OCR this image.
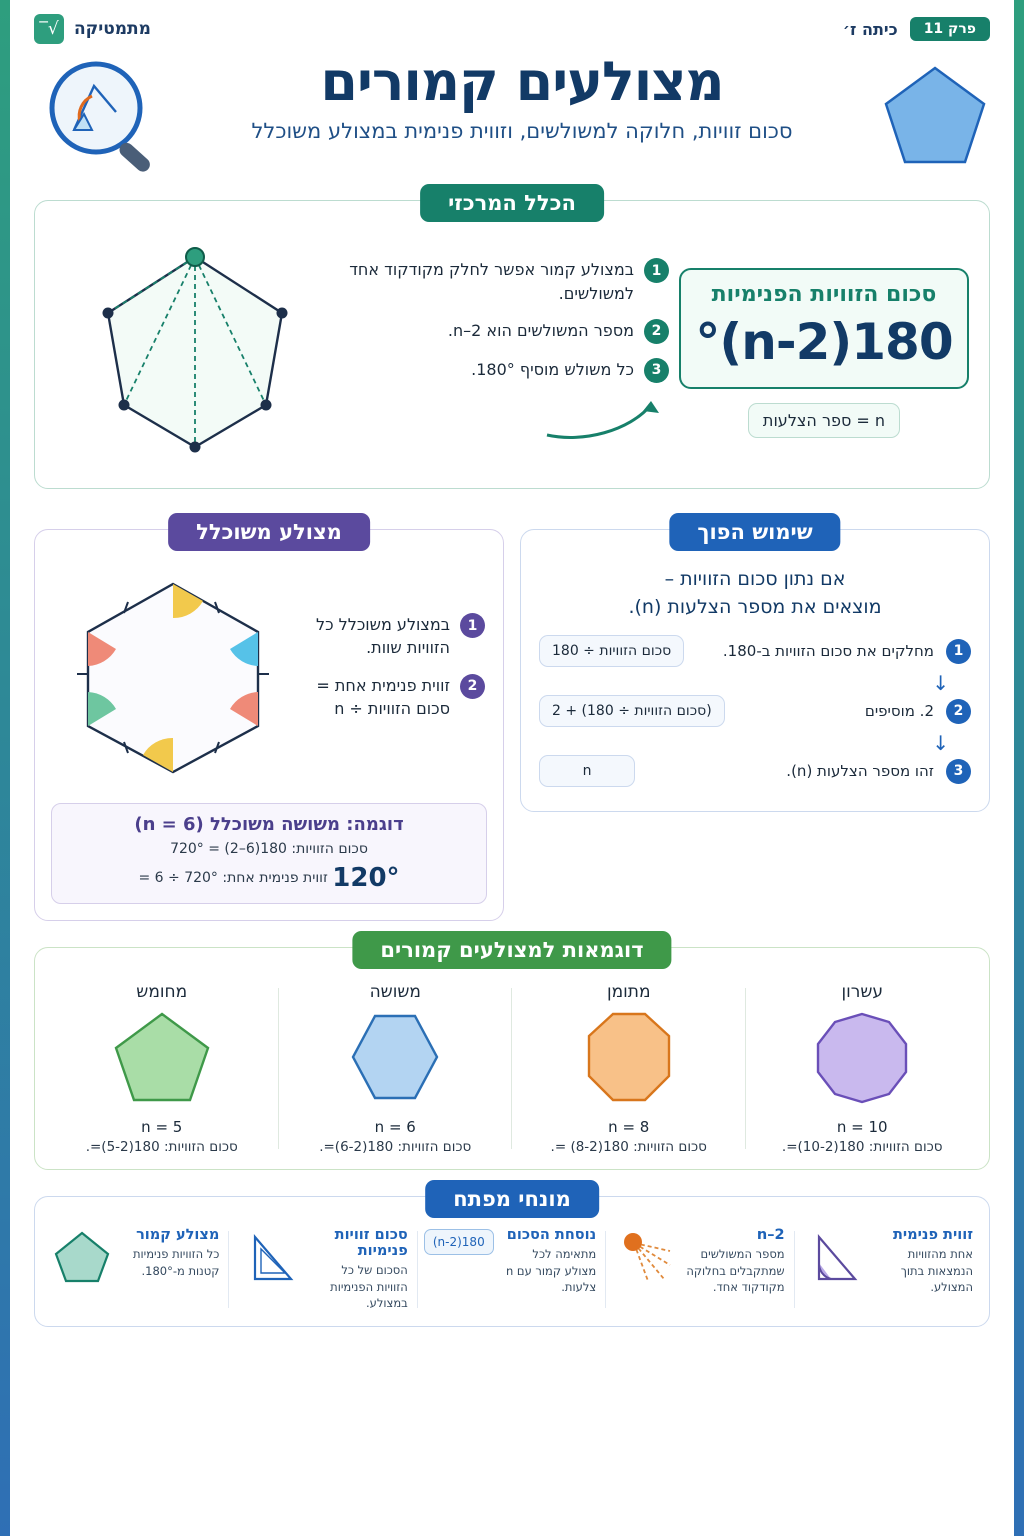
פרק 11
כיתה ז׳
מתמטיקה
√‾
מצולעים קמורים
סכום זוויות, חלוקה למשולשים, וזווית פנימית במצולע משוכלל
הכלל המרכזי
סכום הזוויות הפנימיות
180(n-2)°
n = ספר הצלעות
1
במצולע קמור אפשר לחלק מקודקוד אחד למשולשים.
2
מספר המשולשים הוא n–2.
3
כל משולש מוסיף 180°.
שימוש הפוך
אם נתון סכום הזוויות –
מוצאים את מספר הצלעות (n).
1
מחלקים את סכום הזוויות ב-180.
סכום הזוויות ÷ 180
↓
2
2. מוסיפים
(סכום הזוויות ÷ 180) + 2
↓
3
זהו מספר הצלעות (n).
n
מצולע משוכלל
1
במצולע משוכלל כל הזוויות שוות.
2
זווית פנימית אחת = סכום הזוויות ÷ n
דוגמה: משושה משוכלל (n = 6)
סכום הזוויות: 180(6–2) = 720°
120° זווית פנימית אחת: 720° ÷ 6 =
דוגמאות למצולעים קמורים
עשרון
n = 10
סכום הזוויות: 180(10-2)=.
מתומן
n = 8
סכום הזוויות: 180(8-2) =.
משושה
n = 6
סכום הזוויות: 180(6-2)=.
מחומש
n = 5
סכום הזוויות: 180(5-2)=.
מונחי מפתח
זווית פנימית
אחת מהזוויות הנמצאות בתוך המצולע.
n–2
מספר המשולשים שמתקבלים בחלוקה מקודקוד אחד.
נוסחת הסכום
מתאימה לכל מצולע קמור עם n צלעות.
180(n-2)
סכום זוויות פנימיות
הסכום של כל הזוויות הפנימיות במצולע.
מצולע קמור
כל הזוויות פנימיות קטנות מ-180°.
